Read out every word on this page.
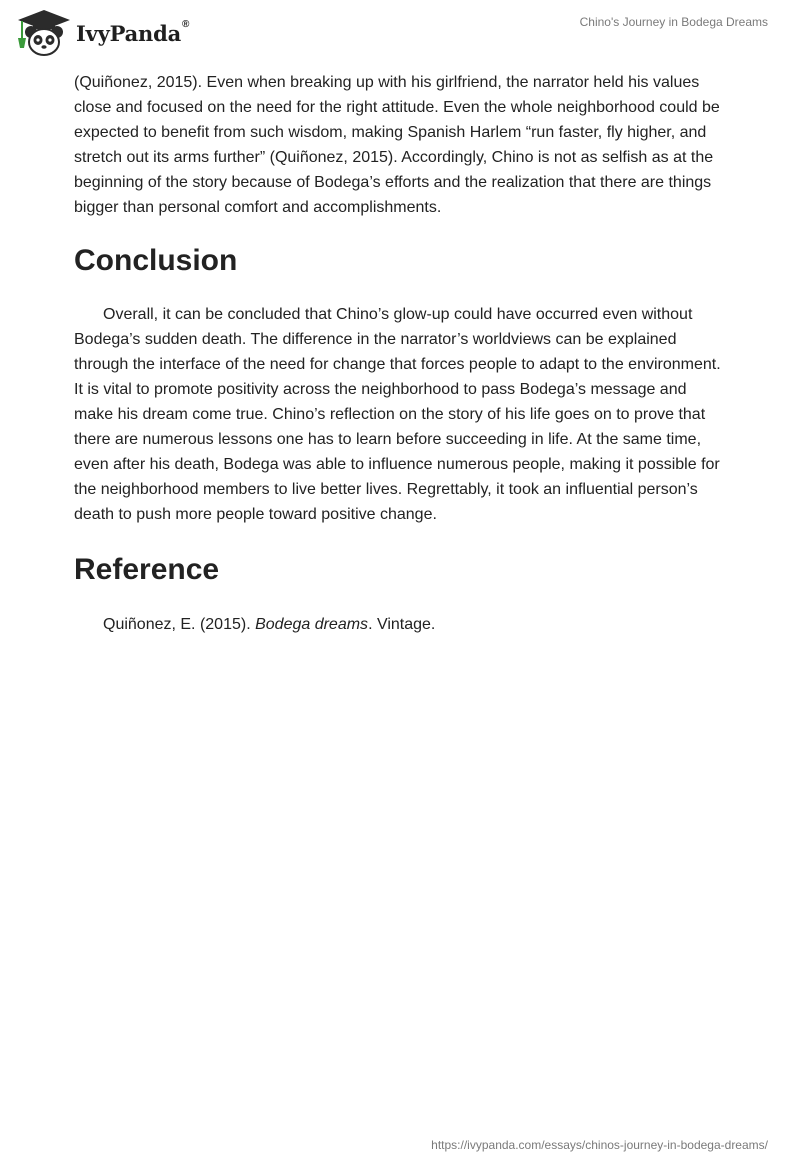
IvyPanda®	Chino's Journey in Bodega Dreams

(Quiñonez, 2015). Even when breaking up with his girlfriend, the narrator held his values close and focused on the need for the right attitude. Even the whole neighborhood could be expected to benefit from such wisdom, making Spanish Harlem “run faster, fly higher, and stretch out its arms further” (Quiñonez, 2015). Accordingly, Chino is not as selfish as at the beginning of the story because of Bodega’s efforts and the realization that there are things bigger than personal comfort and accomplishments.

Conclusion

Overall, it can be concluded that Chino’s glow-up could have occurred even without Bodega’s sudden death. The difference in the narrator’s worldviews can be explained through the interface of the need for change that forces people to adapt to the environment. It is vital to promote positivity across the neighborhood to pass Bodega’s message and make his dream come true. Chino’s reflection on the story of his life goes on to prove that there are numerous lessons one has to learn before succeeding in life. At the same time, even after his death, Bodega was able to influence numerous people, making it possible for the neighborhood members to live better lives. Regrettably, it took an influential person’s death to push more people toward positive change.

Reference

Quiñonez, E. (2015). Bodega dreams. Vintage.

https://ivypanda.com/essays/chinos-journey-in-bodega-dreams/
